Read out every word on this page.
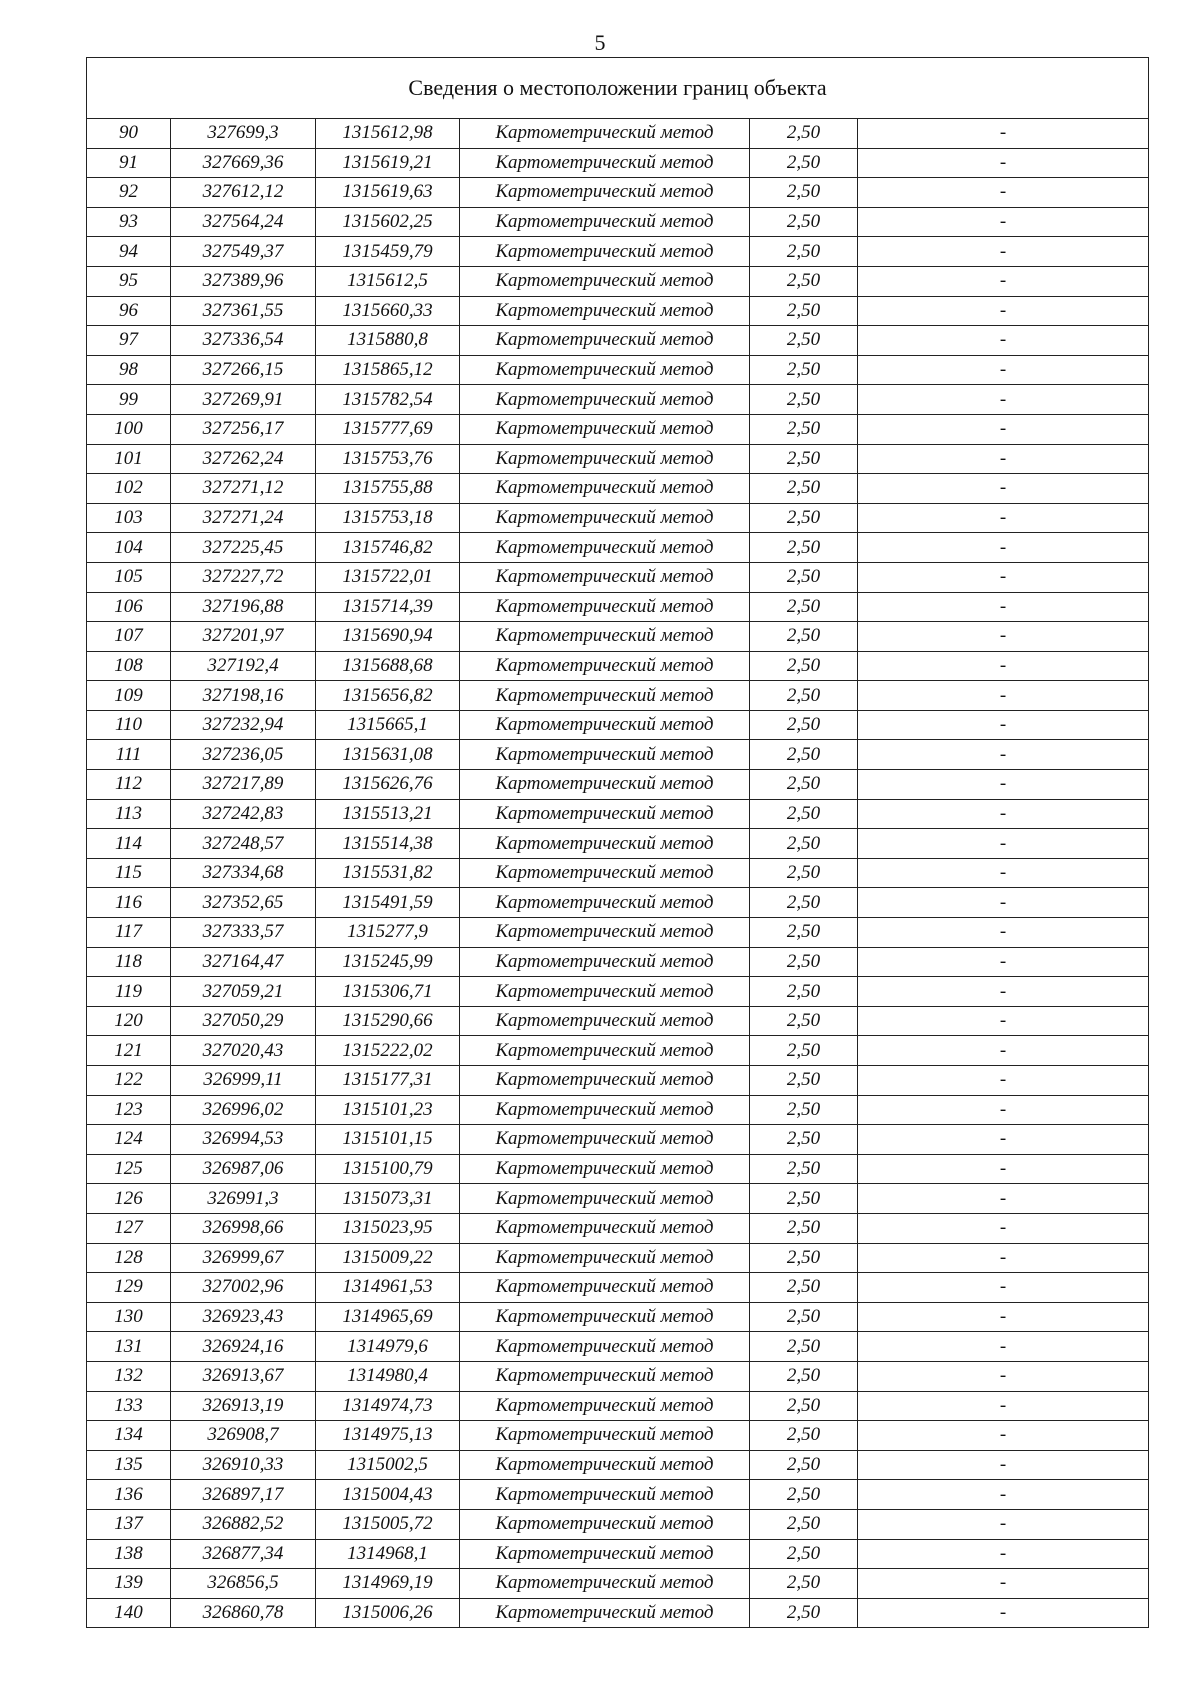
5
Сведения о местоположении границ объекта					
90	327699,3	1315612,98	Картометрический метод	2,50	-
91	327669,36	1315619,21	Картометрический метод	2,50	-
92	327612,12	1315619,63	Картометрический метод	2,50	-
93	327564,24	1315602,25	Картометрический метод	2,50	-
94	327549,37	1315459,79	Картометрический метод	2,50	-
95	327389,96	1315612,5	Картометрический метод	2,50	-
96	327361,55	1315660,33	Картометрический метод	2,50	-
97	327336,54	1315880,8	Картометрический метод	2,50	-
98	327266,15	1315865,12	Картометрический метод	2,50	-
99	327269,91	1315782,54	Картометрический метод	2,50	-
100	327256,17	1315777,69	Картометрический метод	2,50	-
101	327262,24	1315753,76	Картометрический метод	2,50	-
102	327271,12	1315755,88	Картометрический метод	2,50	-
103	327271,24	1315753,18	Картометрический метод	2,50	-
104	327225,45	1315746,82	Картометрический метод	2,50	-
105	327227,72	1315722,01	Картометрический метод	2,50	-
106	327196,88	1315714,39	Картометрический метод	2,50	-
107	327201,97	1315690,94	Картометрический метод	2,50	-
108	327192,4	1315688,68	Картометрический метод	2,50	-
109	327198,16	1315656,82	Картометрический метод	2,50	-
110	327232,94	1315665,1	Картометрический метод	2,50	-
111	327236,05	1315631,08	Картометрический метод	2,50	-
112	327217,89	1315626,76	Картометрический метод	2,50	-
113	327242,83	1315513,21	Картометрический метод	2,50	-
114	327248,57	1315514,38	Картометрический метод	2,50	-
115	327334,68	1315531,82	Картометрический метод	2,50	-
116	327352,65	1315491,59	Картометрический метод	2,50	-
117	327333,57	1315277,9	Картометрический метод	2,50	-
118	327164,47	1315245,99	Картометрический метод	2,50	-
119	327059,21	1315306,71	Картометрический метод	2,50	-
120	327050,29	1315290,66	Картометрический метод	2,50	-
121	327020,43	1315222,02	Картометрический метод	2,50	-
122	326999,11	1315177,31	Картометрический метод	2,50	-
123	326996,02	1315101,23	Картометрический метод	2,50	-
124	326994,53	1315101,15	Картометрический метод	2,50	-
125	326987,06	1315100,79	Картометрический метод	2,50	-
126	326991,3	1315073,31	Картометрический метод	2,50	-
127	326998,66	1315023,95	Картометрический метод	2,50	-
128	326999,67	1315009,22	Картометрический метод	2,50	-
129	327002,96	1314961,53	Картометрический метод	2,50	-
130	326923,43	1314965,69	Картометрический метод	2,50	-
131	326924,16	1314979,6	Картометрический метод	2,50	-
132	326913,67	1314980,4	Картометрический метод	2,50	-
133	326913,19	1314974,73	Картометрический метод	2,50	-
134	326908,7	1314975,13	Картометрический метод	2,50	-
135	326910,33	1315002,5	Картометрический метод	2,50	-
136	326897,17	1315004,43	Картометрический метод	2,50	-
137	326882,52	1315005,72	Картометрический метод	2,50	-
138	326877,34	1314968,1	Картометрический метод	2,50	-
139	326856,5	1314969,19	Картометрический метод	2,50	-
140	326860,78	1315006,26	Картометрический метод	2,50	-
